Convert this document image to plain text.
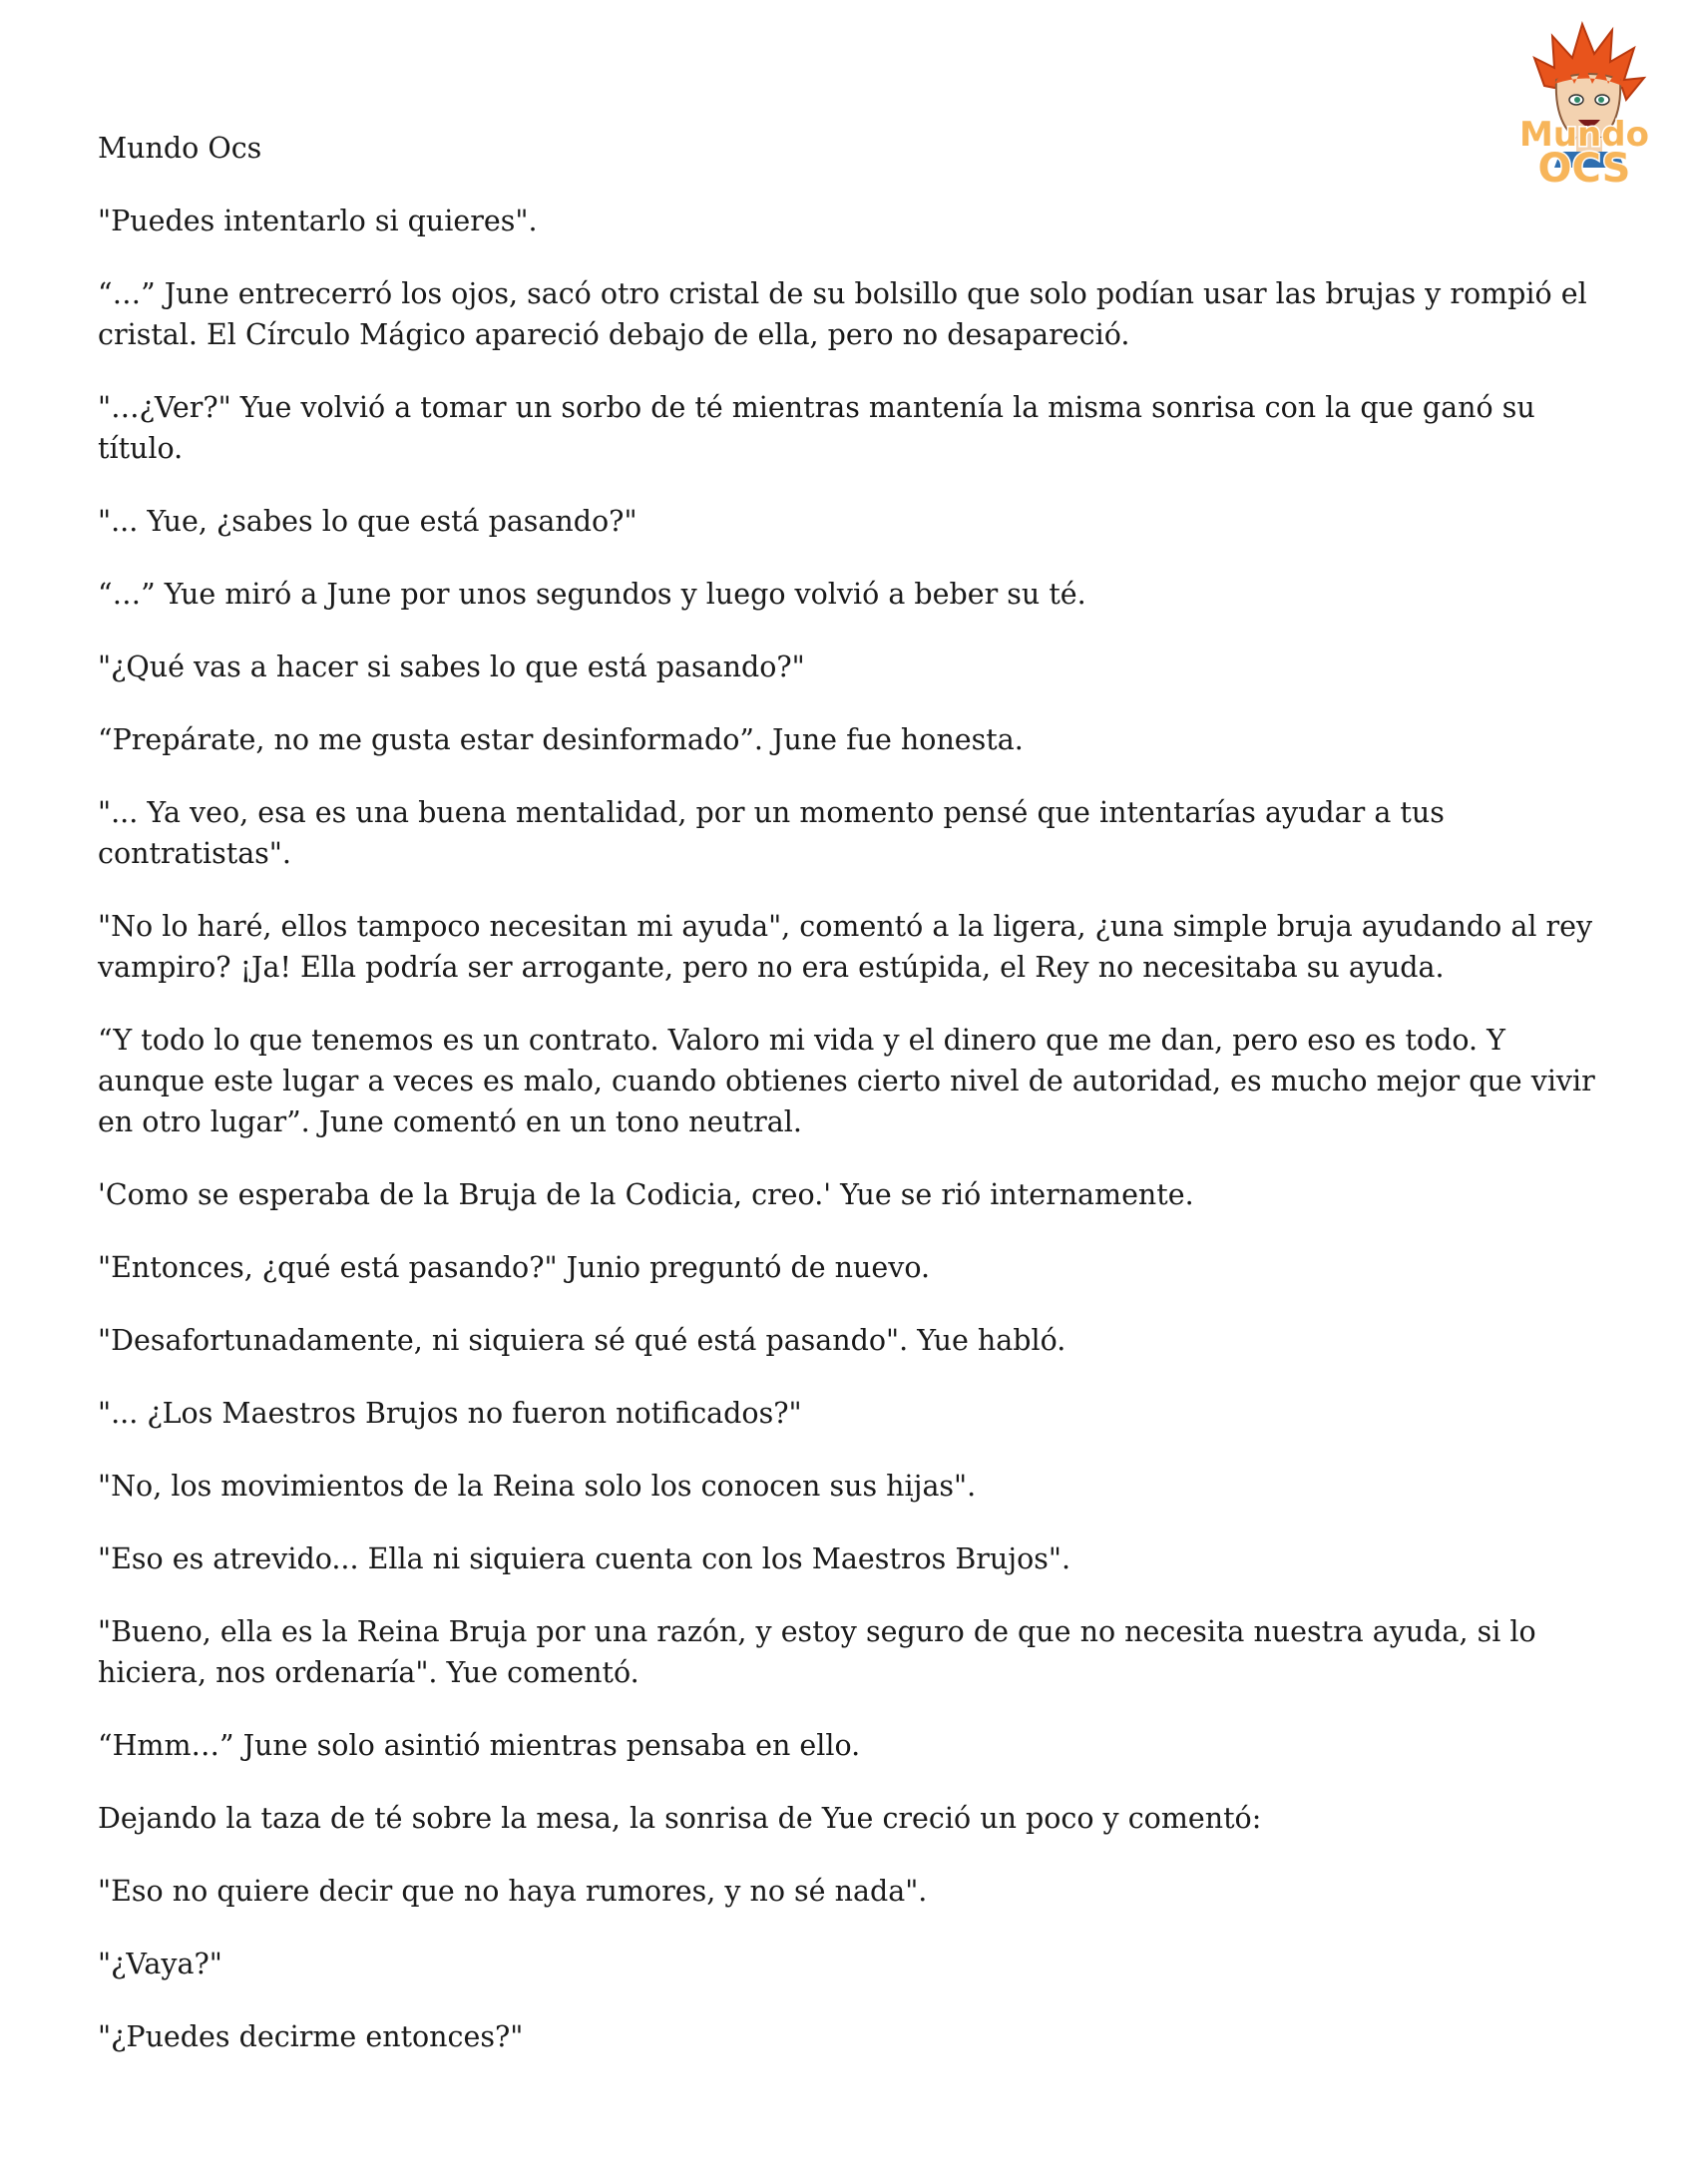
Mundo
OCS

Mundo Ocs

"Puedes intentarlo si quieres".

“…” June entrecerró los ojos, sacó otro cristal de su bolsillo que solo podían usar las brujas y rompió el cristal. El Círculo Mágico apareció debajo de ella, pero no desapareció.

"…¿Ver?" Yue volvió a tomar un sorbo de té mientras mantenía la misma sonrisa con la que ganó su título.

"... Yue, ¿sabes lo que está pasando?"

“…” Yue miró a June por unos segundos y luego volvió a beber su té.

"¿Qué vas a hacer si sabes lo que está pasando?"

“Prepárate, no me gusta estar desinformado”. June fue honesta.

"... Ya veo, esa es una buena mentalidad, por un momento pensé que intentarías ayudar a tus contratistas".

"No lo haré, ellos tampoco necesitan mi ayuda", comentó a la ligera, ¿una simple bruja ayudando al rey vampiro? ¡Ja! Ella podría ser arrogante, pero no era estúpida, el Rey no necesitaba su ayuda.

“Y todo lo que tenemos es un contrato. Valoro mi vida y el dinero que me dan, pero eso es todo. Y aunque este lugar a veces es malo, cuando obtienes cierto nivel de autoridad, es mucho mejor que vivir en otro lugar”. June comentó en un tono neutral.

'Como se esperaba de la Bruja de la Codicia, creo.' Yue se rió internamente.

"Entonces, ¿qué está pasando?" Junio preguntó de nuevo.

"Desafortunadamente, ni siquiera sé qué está pasando". Yue habló.

"... ¿Los Maestros Brujos no fueron notificados?"

"No, los movimientos de la Reina solo los conocen sus hijas".

"Eso es atrevido... Ella ni siquiera cuenta con los Maestros Brujos".

"Bueno, ella es la Reina Bruja por una razón, y estoy seguro de que no necesita nuestra ayuda, si lo hiciera, nos ordenaría". Yue comentó.

“Hmm…” June solo asintió mientras pensaba en ello.

Dejando la taza de té sobre la mesa, la sonrisa de Yue creció un poco y comentó:

"Eso no quiere decir que no haya rumores, y no sé nada".

"¿Vaya?"

"¿Puedes decirme entonces?"
